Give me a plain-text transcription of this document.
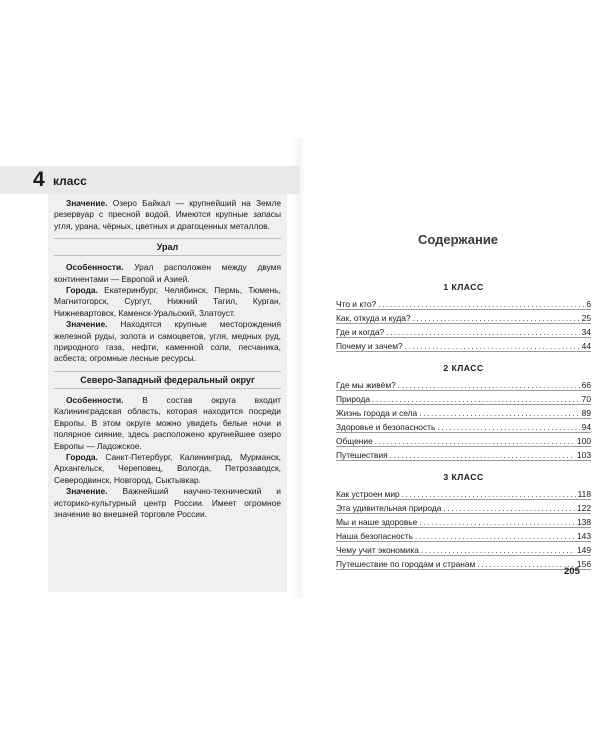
4 класс

Значение. Озеро Байкал — крупнейший на Земле резервуар с пресной водой. Имеются крупные запасы угля, урана, чёрных, цветных и драгоценных металлов.

Урал

Особенности. Урал расположен между двумя континентами — Европой и Азией.

Города. Екатеринбург, Челябинск, Пермь, Тюмень, Магнитогорск, Сургут, Нижний Тагил, Курган, Нижневартовск, Каменск-Уральский, Златоуст.

Значение. Находятся крупные месторождения железной руды, золота и самоцветов, угля, медных руд, природного газа, нефти, каменной соли, песчаника, асбеста; огромные лесные ресурсы.

Северо-Западный федеральный округ

Особенности. В состав округа входит Калининградская область, которая находится посреди Европы. В этом округе можно увидеть белые ночи и полярное сияние, здесь расположено крупнейшее озеро Европы — Ладожское.

Города. Санкт-Петербург, Калининград, Мурманск, Архангельск, Череповец, Вологда, Петрозаводск, Северодвинск, Новгород, Сыктывкар.

Значение. Важнейший научно-технический и историко-культурный центр России. Имеет огромное значение во внешней торговле России.

Содержание
1 КЛАСС
Что и кто? .....	6
Как, откуда и куда? .....	25
Где и когда? .....	34
Почему и зачем? .....	44
2 КЛАСС
Где мы живём? .....	66
Природа .....	70
Жизнь города и села .....	89
Здоровье и безопасность .....	94
Общение .....	100
Путешествия .....	103
3 КЛАСС
Как устроен мир .....	118
Эта удивительная природа .....	122
Мы и наше здоровье .....	138
Наша безопасность .....	143
Чему учит экономика .....	149
Путешествие по городам и странам .....	156
205
